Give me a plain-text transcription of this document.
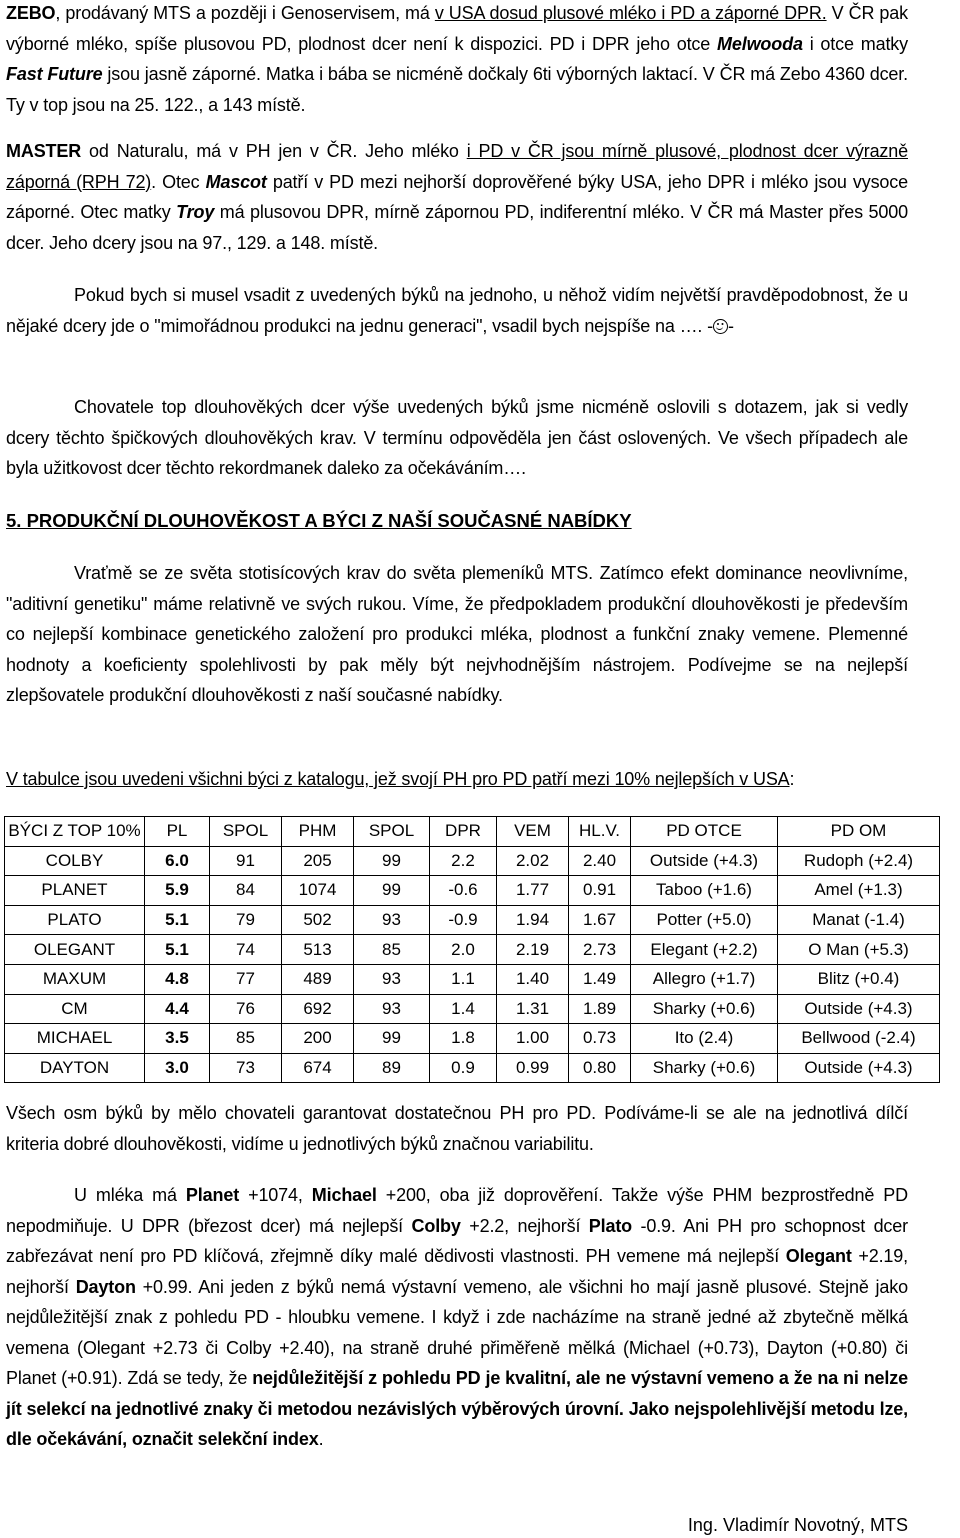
ZEBO, prodávaný MTS a později i Genoservisem, má v USA dosud plusové mléko i PD a záporné DPR. V ČR pak výborné mléko, spíše plusovou PD, plodnost dcer není k dispozici. PD i DPR jeho otce Melwooda i otce matky Fast Future jsou jasně záporné. Matka i bába se nicméně dočkaly 6ti výborných laktací. V ČR má Zebo 4360 dcer. Ty v top jsou na 25. 122., a 143 místě.

MASTER od Naturalu, má v PH jen v ČR. Jeho mléko i PD v ČR jsou mírně plusové, plodnost dcer výrazně záporná (RPH 72). Otec Mascot patří v PD mezi nejhorší doprověřené býky USA, jeho DPR i mléko jsou vysoce záporné. Otec matky Troy má plusovou DPR, mírně zápornou PD, indiferentní mléko. V ČR má Master přes 5000 dcer. Jeho dcery jsou na 97., 129. a 148. místě.

Pokud bych si musel vsadit z uvedených býků na jednoho, u něhož vidím největší pravděpodobnost, že u nějaké dcery jde o "mimořádnou produkci na jednu generaci", vsadil bych nejspíše na …. - -

Chovatele top dlouhověkých dcer výše uvedených býků jsme nicméně oslovili s dotazem, jak si vedly dcery těchto špičkových dlouhověkých krav. V termínu odpověděla jen část oslovených. Ve všech případech ale byla užitkovost dcer těchto rekordmanek daleko za očekáváním….

5. PRODUKČNÍ DLOUHOVĚKOST A BÝCI Z NAŠÍ SOUČASNÉ NABÍDKY

Vraťmě se ze světa stotisícových krav do světa plemeníků MTS. Zatímco efekt dominance neovlivníme, "aditivní genetiku" máme relativně ve svých rukou. Víme, že předpokladem produkční dlouhověkosti je především co nejlepší kombinace genetického založení pro produkci mléka, plodnost a funkční znaky vemene. Plemenné hodnoty a koeficienty spolehlivosti by pak měly být nejvhodnějším nástrojem. Podívejme se na nejlepší zlepšovatele produkční dlouhověkosti z naší současné nabídky.

V tabulce jsou uvedeni všichni býci z katalogu, jež svojí PH pro PD patří mezi 10% nejlepších v USA:

BÝCI Z TOP 10%	PL	SPOL	PHM	SPOL	DPR	VEM	HL.V.	PD OTCE	PD OM
COLBY	6.0	91	205	99	2.2	2.02	2.40	Outside (+4.3)	Rudoph (+2.4)
PLANET	5.9	84	1074	99	-0.6	1.77	0.91	Taboo (+1.6)	Amel (+1.3)
PLATO	5.1	79	502	93	-0.9	1.94	1.67	Potter (+5.0)	Manat (-1.4)
OLEGANT	5.1	74	513	85	2.0	2.19	2.73	Elegant (+2.2)	O Man (+5.3)
MAXUM	4.8	77	489	93	1.1	1.40	1.49	Allegro (+1.7)	Blitz (+0.4)
CM	4.4	76	692	93	1.4	1.31	1.89	Sharky (+0.6)	Outside (+4.3)
MICHAEL	3.5	85	200	99	1.8	1.00	0.73	Ito (2.4)	Bellwood (-2.4)
DAYTON	3.0	73	674	89	0.9	0.99	0.80	Sharky (+0.6)	Outside (+4.3)

Všech osm býků by mělo chovateli garantovat dostatečnou PH pro PD. Podíváme-li se ale na jednotlivá dílčí kriteria dobré dlouhověkosti, vidíme u jednotlivých býků značnou variabilitu.

U mléka má Planet +1074, Michael +200, oba již doprověření. Takže výše PHM bezprostředně PD nepodmiňuje. U DPR (březost dcer) má nejlepší Colby +2.2, nejhorší Plato -0.9. Ani PH pro schopnost dcer zabřezávat není pro PD klíčová, zřejmně díky malé dědivosti vlastnosti. PH vemene má nejlepší Olegant +2.19, nejhorší Dayton +0.99. Ani jeden z býků nemá výstavní vemeno, ale všichni ho mají jasně plusové. Stejně jako nejdůležitější znak z pohledu PD - hloubku vemene. I když i zde nacházíme na straně jedné až zbytečně mělká vemena (Olegant +2.73 či Colby +2.40), na straně druhé přiměřeně mělká (Michael (+0.73), Dayton (+0.80) či Planet (+0.91). Zdá se tedy, že nejdůležitější z pohledu PD je kvalitní, ale ne výstavní vemeno a že na ni nelze jít selekcí na jednotlivé znaky či metodou nezávislých výběrových úrovní. Jako nejspolehlivější metodu lze, dle očekávání, označit selekční index.

Ing. Vladimír Novotný, MTS
